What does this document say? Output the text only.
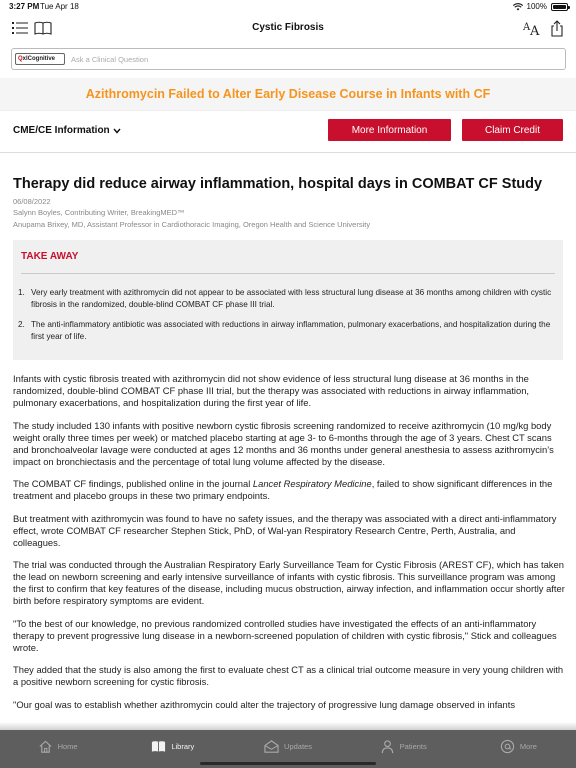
3:27 PM Tue Apr 18	100%
Cystic Fibrosis	A A
Q xlCognitive Ask a Clinical Question
Azithromycin Failed to Alter Early Disease Course in Infants with CF
CME/CE Information	More Information	Claim Credit
Therapy did reduce airway inflammation, hospital days in COMBAT CF Study
06/08/2022
Salynn Boyles, Contributing Writer, BreakingMED™
Anupama Brixey, MD, Assistant Professor in Cardiothoracic Imaging, Oregon Health and Science University
TAKE AWAY
1. Very early treatment with azithromycin did not appear to be associated with less structural lung disease at 36 months among children with cystic fibrosis in the randomized, double-blind COMBAT CF phase III trial.
2. The anti-inflammatory antibiotic was associated with reductions in airway inflammation, pulmonary exacerbations, and hospitalization during the first year of life.

Infants with cystic fibrosis treated with azithromycin did not show evidence of less structural lung disease at 36 months in the randomized, double-blind COMBAT CF phase III trial, but the therapy was associated with reductions in airway inflammation, pulmonary exacerbations, and hospitalization during the first year of life.

The study included 130 infants with positive newborn cystic fibrosis screening randomized to receive azithromycin (10 mg/kg body weight orally three times per week) or matched placebo starting at age 3- to 6-months through the age of 3 years. Chest CT scans and bronchoalveolar lavage were conducted at ages 12 months and 36 months under general anesthesia to assess azithromycin’s impact on bronchiectasis and the percentage of total lung volume affected by the disease.

The COMBAT CF findings, published online in the journal Lancet Respiratory Medicine, failed to show significant differences in the treatment and placebo groups in these two primary endpoints.

But treatment with azithromycin was found to have no safety issues, and the therapy was associated with a direct anti-inflammatory effect, wrote COMBAT CF researcher Stephen Stick, PhD, of Wal-yan Respiratory Research Centre, Perth, Australia, and colleagues.

The trial was conducted through the Australian Respiratory Early Surveillance Team for Cystic Fibrosis (AREST CF), which has taken the lead on newborn screening and early intensive surveillance of infants with cystic fibrosis. This surveillance program was among the first to confirm that key features of the disease, including mucus obstruction, airway infection, and inflammation occur shortly after birth before respiratory symptoms are evident.

"To the best of our knowledge, no previous randomized controlled studies have investigated the effects of an anti-inflammatory therapy to prevent progressive lung disease in a newborn-screened population of children with cystic fibrosis," Stick and colleagues wrote.

They added that the study is also among the first to evaluate chest CT as a clinical trial outcome measure in very young children with a positive newborn screening for cystic fibrosis.

"Our goal was to establish whether azithromycin could alter the trajectory of progressive lung damage observed in infants

Home	Library	Updates	Patients	More
